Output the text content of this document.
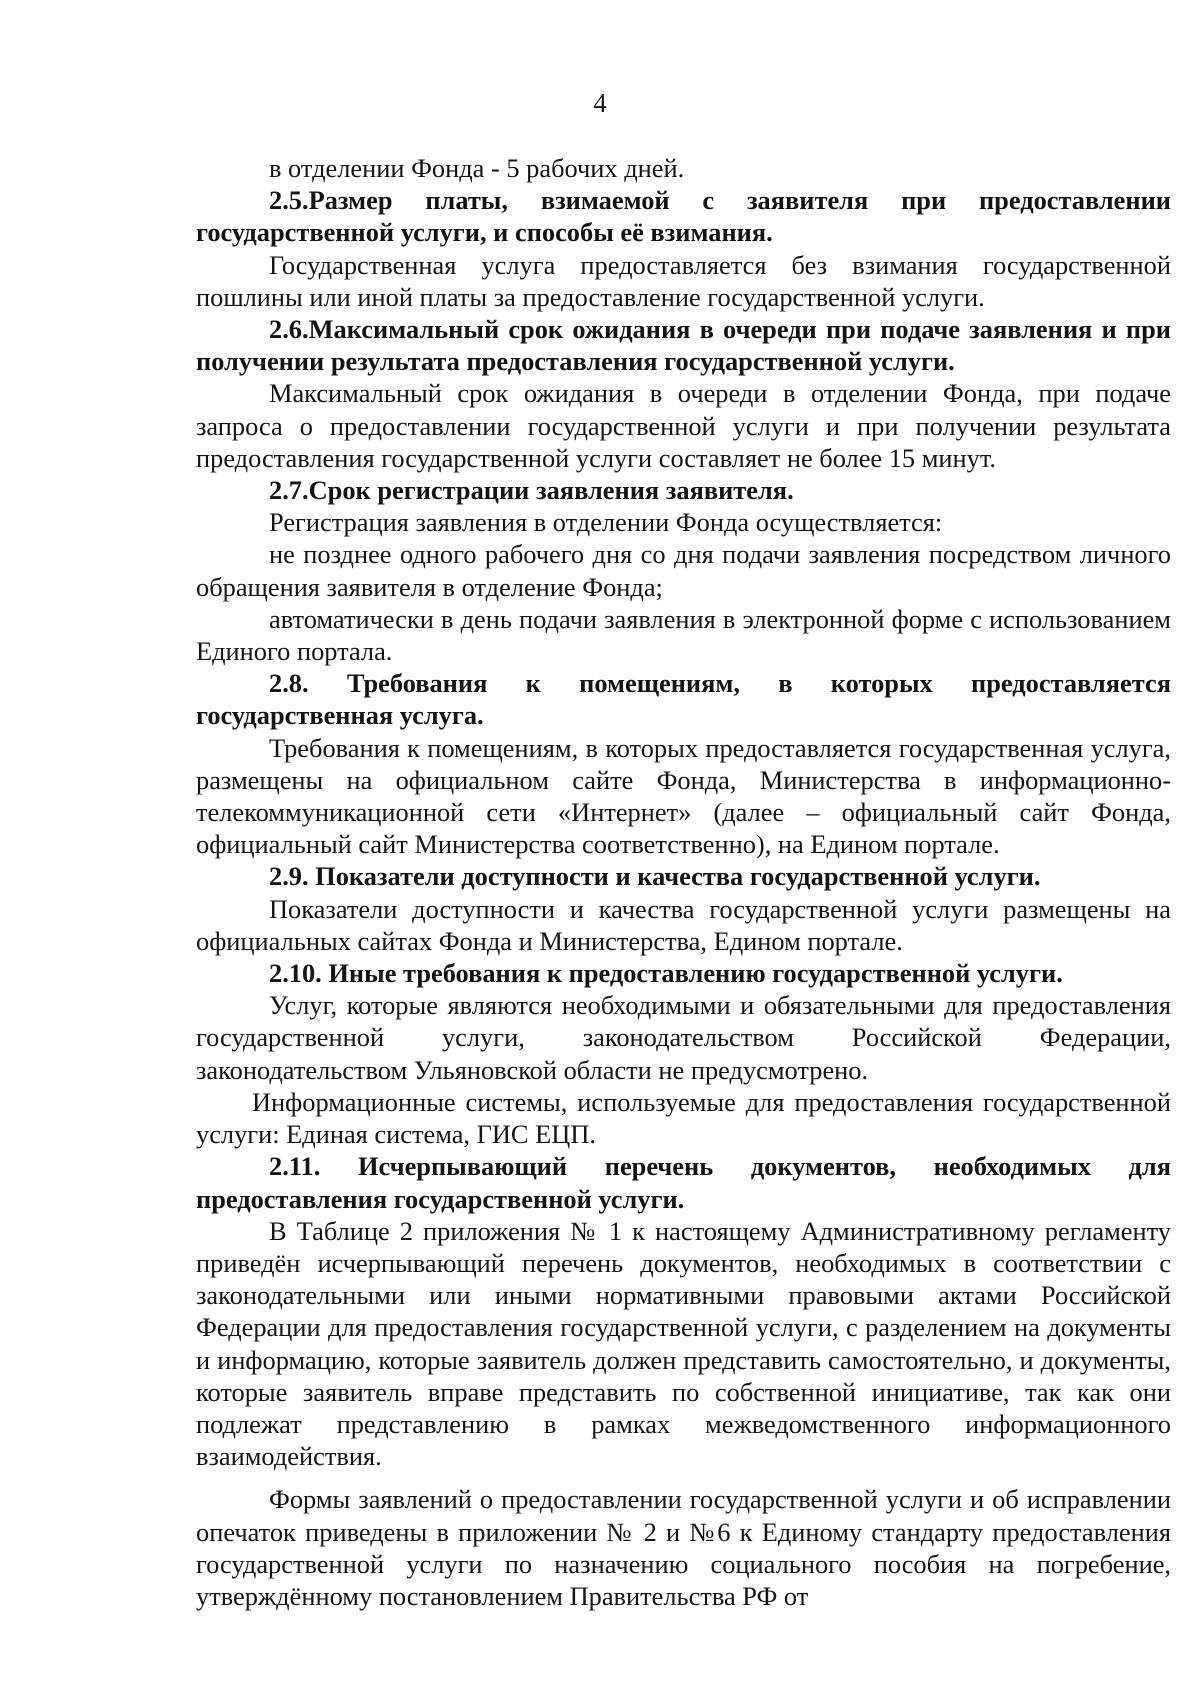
4

в отделении Фонда - 5 рабочих дней.

2.5.Размер платы, взимаемой с заявителя при предоставлении государственной услуги, и способы её взимания.

Государственная услуга предоставляется без взимания государственной пошлины или иной платы за предоставление государственной услуги.

2.6.Максимальный срок ожидания в очереди при подаче заявления и при получении результата предоставления государственной услуги.

Максимальный срок ожидания в очереди в отделении Фонда, при подаче запроса о предоставлении государственной услуги и при получении результата предоставления государственной услуги составляет не более 15 минут.

2.7.Срок регистрации заявления заявителя.

Регистрация заявления в отделении Фонда осуществляется:

не позднее одного рабочего дня со дня подачи заявления посредством личного обращения заявителя в отделение Фонда;

автоматически в день подачи заявления в электронной форме с использованием Единого портала.

2.8. Требования к помещениям, в которых предоставляется государственная услуга.

Требования к помещениям, в которых предоставляется государственная услуга, размещены на официальном сайте Фонда, Министерства в информационно-телекоммуникационной сети «Интернет» (далее – официальный сайт Фонда, официальный сайт Министерства соответственно), на Едином портале.

2.9. Показатели доступности и качества государственной услуги.

Показатели доступности и качества государственной услуги размещены на официальных сайтах Фонда и Министерства, Едином портале.

2.10. Иные требования к предоставлению государственной услуги.

Услуг, которые являются необходимыми и обязательными для предоставления государственной услуги, законодательством Российской Федерации, законодательством Ульяновской области не предусмотрено.

Информационные системы, используемые для предоставления государственной услуги: Единая система, ГИС ЕЦП.

2.11. Исчерпывающий перечень документов, необходимых для предоставления государственной услуги.

В Таблице 2 приложения № 1 к настоящему Административному регламенту приведён исчерпывающий перечень документов, необходимых в соответствии с законодательными или иными нормативными правовыми актами Российской Федерации для предоставления государственной услуги, с разделением на документы и информацию, которые заявитель должен представить самостоятельно, и документы, которые заявитель вправе представить по собственной инициативе, так как они подлежат представлению в рамках межведомственного информационного взаимодействия.

Формы заявлений о предоставлении государственной услуги и об исправлении опечаток приведены в приложении № 2 и №6 к Единому стандарту предоставления государственной услуги по назначению социального пособия на погребение, утверждённому постановлением Правительства РФ от
